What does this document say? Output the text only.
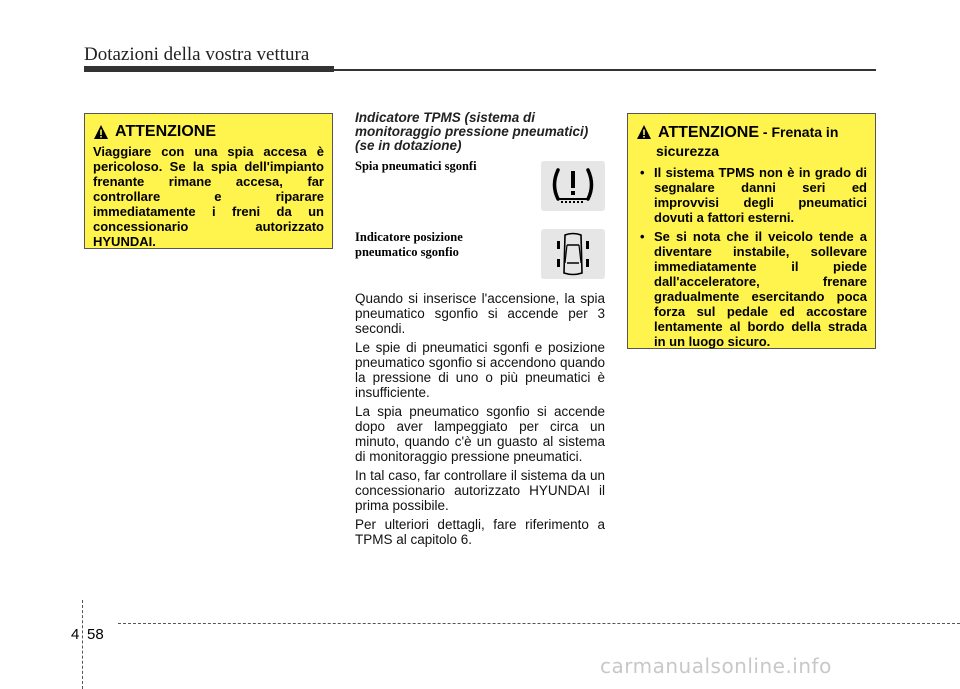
Dotazioni della vostra vettura
ATTENZIONE
Viaggiare con una spia accesa è pericoloso. Se la spia dell'impianto frenante rimane accesa, far controllare e riparare immediatamente i freni da un concessionario autorizzato HYUNDAI.
Indicatore TPMS (sistema di
monitoraggio pressione pneumatici)
(se in dotazione)
Spia pneumatici sgonfi
Indicatore posizione
pneumatico sgonfio

Quando si inserisce l'accensione, la spia pneumatico sgonfio si accende per 3 secondi.

Le spie di pneumatici sgonfi e posizione pneumatico sgonfio si accendono quando la pressione di uno o più pneumatici è insufficiente.

La spia pneumatico sgonfio si accende dopo aver lampeggiato per circa un minuto, quando c'è un guasto al sistema di monitoraggio pressione pneumatici.

In tal caso, far controllare il sistema da un concessionario autorizzato HYUNDAI il prima possibile.

Per ulteriori dettagli, fare riferimento a TPMS al capitolo 6.

ATTENZIONE - Frenata in
sicurezza
• Il sistema TPMS non è in grado di segnalare danni seri ed improvvisi degli pneumatici dovuti a fattori esterni.
• Se si nota che il veicolo tende a diventare instabile, sollevare immediatamente il piede dall'acceleratore, frenare gradualmente esercitando poca forza sul pedale ed accostare lentamente al bordo della strada in un luogo sicuro.
4 58
carmanualsonline.info
